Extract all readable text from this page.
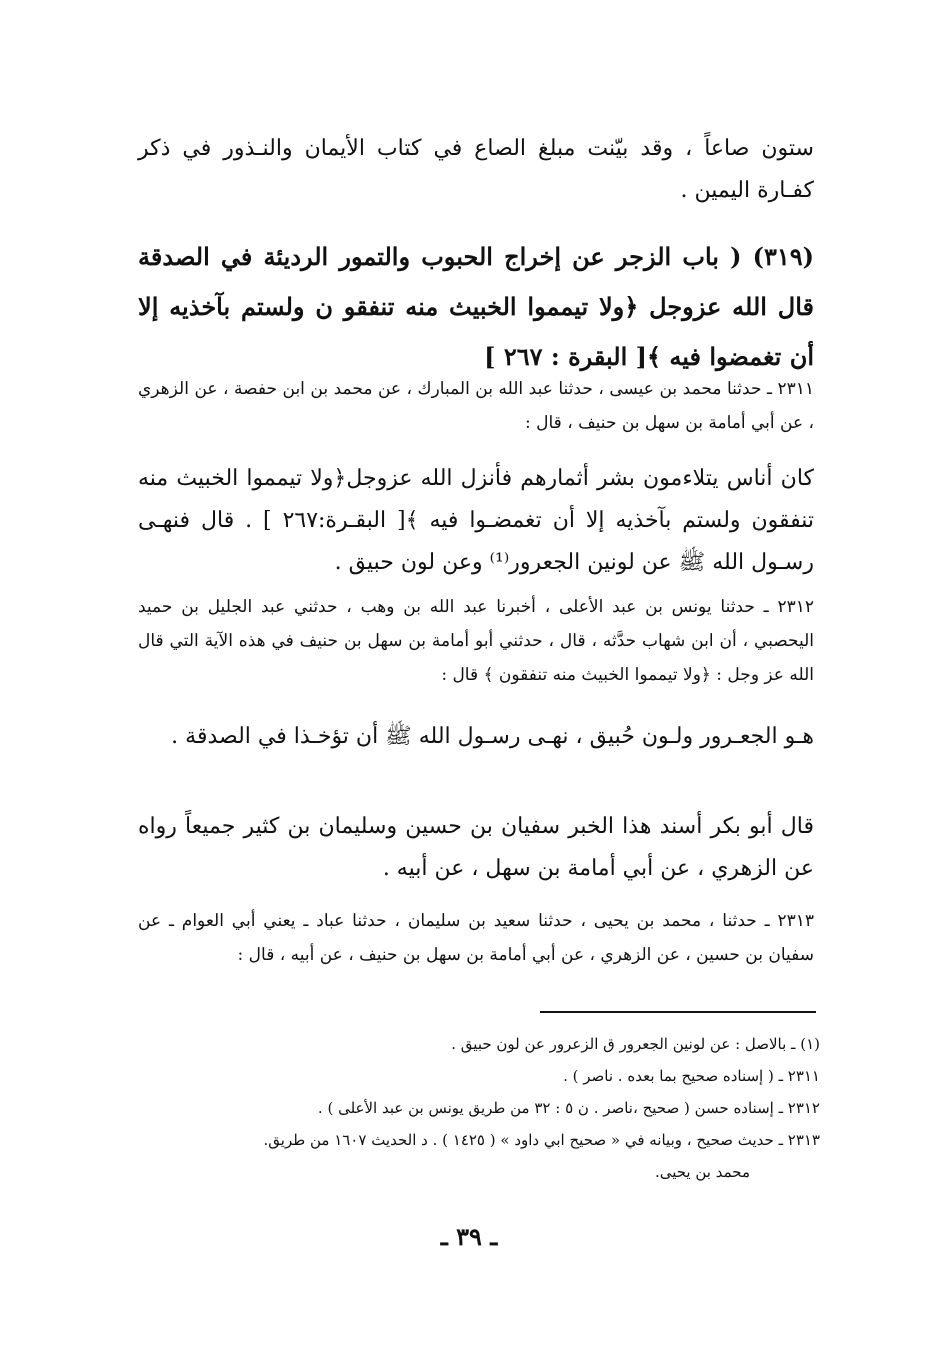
ستون صاعاً ، وقد بيّنت مبلغ الصاع في كتاب الأيمان والنـذور في ذكر كفـارة اليمين .

(٣١٩) ( باب الزجر عن إخراج الحبوب والتمور الرديئة في الصدقة قال الله عزوجل ﴿ولا تيمموا الخبيث منه تنفقو ن ولستم بآخذيه إلا أن تغمضوا فيه ﴾[ البقرة : ٢٦٧ ]

٢٣١١ ـ حدثنا محمد بن عيسى ، حدثنا عبد الله بن المبارك ، عن محمد بن ابن حفصة ، عن الزهري ، عن أبي أمامة بن سهل بن حنيف ، قال :

كان أناس يتلاءمون بشر أثمارهم فأنزل الله عزوجل﴿ولا تيمموا الخبيث منه تنفقون ولستم بآخذيه إلا أن تغمضـوا فيه ﴾[ البقـرة:٢٦٧ ] . قال فنهـى رسـول الله ﷺ عن لونين الجعرور⁽¹⁾ وعن لون حبيق .

٢٣١٢ ـ حدثنا يونس بن عبد الأعلى ، أخبرنا عبد الله بن وهب ، حدثني عبد الجليل بن حميد اليحصبي ، أن ابن شهاب حدَّثه ، قال ، حدثني أبو أمامة بن سهل بن حنيف في هذه الآية التي قال الله عز وجل : ﴿ولا تيمموا الخبيث منه تنفقون ﴾ قال :

هـو الجعـرور ولـون حُبيق ، نهـى رسـول الله ﷺ أن تؤخـذا في الصدقة .

قال أبو بكر أسند هذا الخبر سفيان بن حسين وسليمان بن كثير جميعاً رواه عن الزهري ، عن أبي أمامة بن سهل ، عن أبيه .

٢٣١٣ ـ حدثنا ، محمد بن يحيى ، حدثنا سعيد بن سليمان ، حدثنا عباد ـ يعني أبي العوام ـ عن سفيان بن حسين ، عن الزهري ، عن أبي أمامة بن سهل بن حنيف ، عن أبيه ، قال :

(١) ـ بالاصل : عن لونين الجعرور ق الزعرور عن لون حبيق .
٢٣١١ ـ ( إسناده صحيح بما بعده . ناصر ) .
٢٣١٢ ـ إسناده حسن ( صحيح ،ناصر . ن ٥ : ٣٢ من طريق يونس بن عبد الأعلى ) .
٢٣١٣ ـ حديث صحيح ، وبيانه في « صحيح ابي داود » ( ١٤٢٥ ) . د الحديث ١٦٠٧ من طريق.
محمد بن يحيى.
ـ ٣٩ ـ
